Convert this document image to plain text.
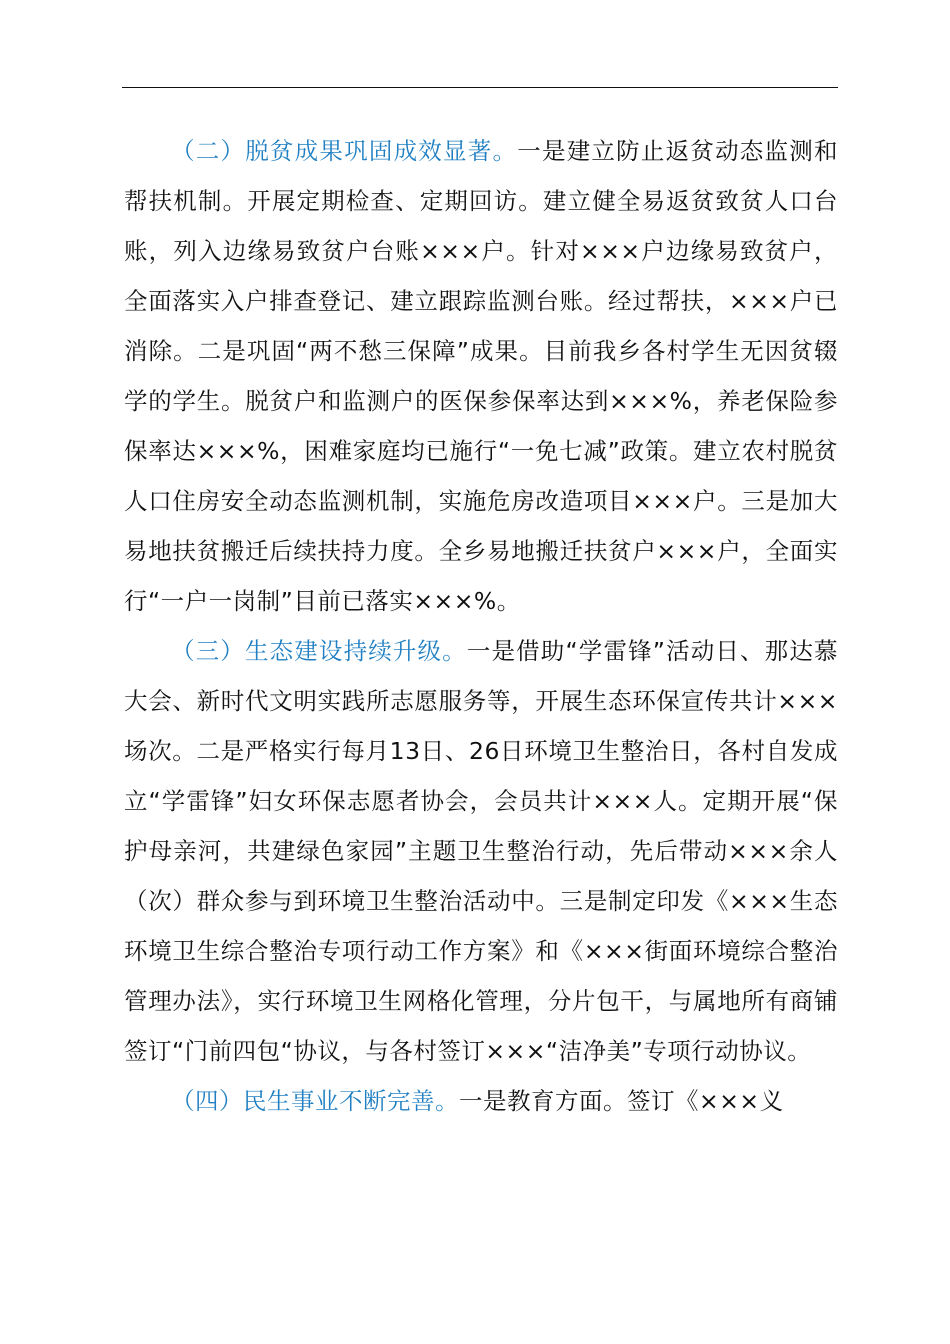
（二）脱贫成果巩固成效显著。一是建立防止返贫动态监测和帮扶机制。开展定期检查、定期回访。建立健全易返贫致贫人口台账，列入边缘易致贫户台账×××户。针对×××户边缘易致贫户，全面落实入户排查登记、建立跟踪监测台账。经过帮扶，×××户已消除。二是巩固“两不愁三保障”成果。目前我乡各村学生无因贫辍学的学生。脱贫户和监测户的医保参保率达到×××%，养老保险参保率达×××%，困难家庭均已施行“一免七减”政策。建立农村脱贫人口住房安全动态监测机制，实施危房改造项目×××户。三是加大易地扶贫搬迁后续扶持力度。全乡易地搬迁扶贫户×××户，全面实行“一户一岗制”目前已落实×××%。

（三）生态建设持续升级。一是借助“学雷锋”活动日、那达慕大会、新时代文明实践所志愿服务等，开展生态环保宣传共计×××场次。二是严格实行每月13日、26日环境卫生整治日，各村自发成立“学雷锋”妇女环保志愿者协会，会员共计×××人。定期开展“保护母亲河，共建绿色家园”主题卫生整治行动，先后带动×××余人（次）群众参与到环境卫生整治活动中。三是制定印发《×××生态环境卫生综合整治专项行动工作方案》和《×××街面环境综合整治管理办法》，实行环境卫生网格化管理，分片包干，与属地所有商铺签订“门前四包“协议，与各村签订×××“洁净美”专项行动协议。

（四）民生事业不断完善。一是教育方面。签订《×××义
